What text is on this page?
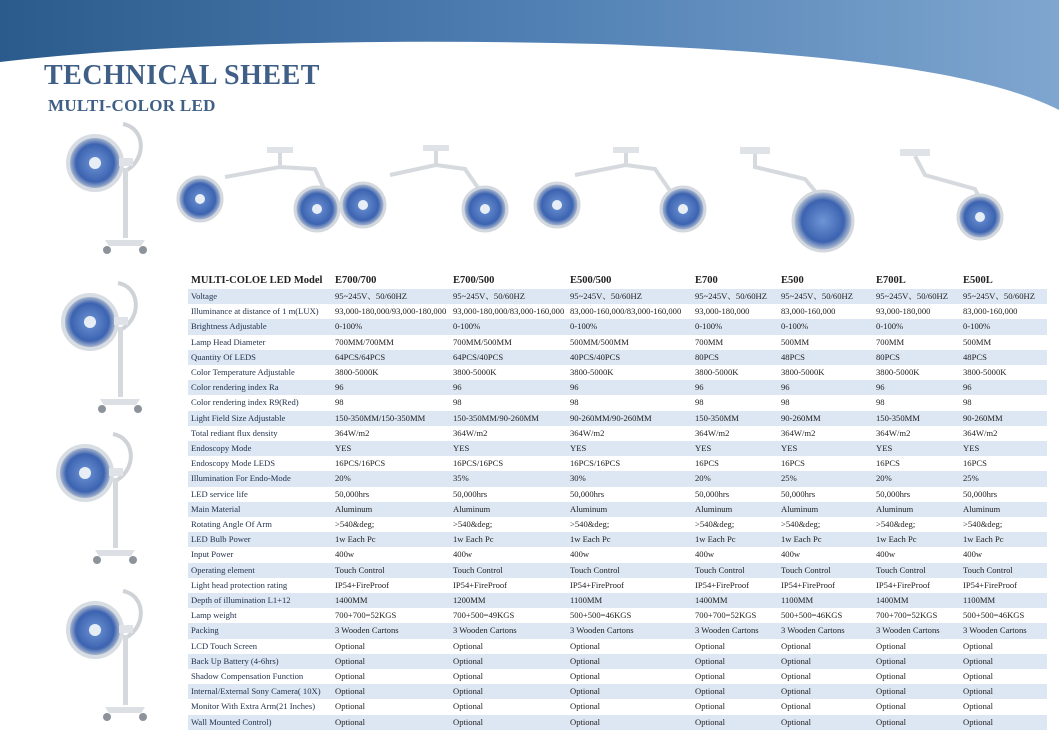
TECHNICAL SHEET
MULTI-COLOR LED
MULTI-COLOE LED Model	E700/700	E700/500	E500/500	E700	E500	E700L	E500L
Voltage	95~245V、50/60HZ	95~245V、50/60HZ	95~245V、50/60HZ	95~245V、50/60HZ	95~245V、50/60HZ	95~245V、50/60HZ	95~245V、50/60HZ
Illuminance at distance of 1 m(LUX)	93,000-180,000/93,000-180,000	93,000-180,000/83,000-160,000	83,000-160,000/83,000-160,000	93,000-180,000	83,000-160,000	93,000-180,000	83,000-160,000
Brightness Adjustable	0-100%	0-100%	0-100%	0-100%	0-100%	0-100%	0-100%
Lamp Head Diameter	700MM/700MM	700MM/500MM	500MM/500MM	700MM	500MM	700MM	500MM
Quantity Of LEDS	64PCS/64PCS	64PCS/40PCS	40PCS/40PCS	80PCS	48PCS	80PCS	48PCS
Color Temperature Adjustable	3800-5000K	3800-5000K	3800-5000K	3800-5000K	3800-5000K	3800-5000K	3800-5000K
Color rendering index Ra	96	96	96	96	96	96	96
Color rendering index R9(Red)	98	98	98	98	98	98	98
Light Field Size Adjustable	150-350MM/150-350MM	150-350MM/90-260MM	90-260MM/90-260MM	150-350MM	90-260MM	150-350MM	90-260MM
Total rediant flux density	364W/m2	364W/m2	364W/m2	364W/m2	364W/m2	364W/m2	364W/m2
Endoscopy Mode	YES	YES	YES	YES	YES	YES	YES
Endoscopy Mode LEDS	16PCS/16PCS	16PCS/16PCS	16PCS/16PCS	16PCS	16PCS	16PCS	16PCS
Illumination For Endo-Mode	20%	35%	30%	20%	25%	20%	25%
LED service life	50,000hrs	50,000hrs	50,000hrs	50,000hrs	50,000hrs	50,000hrs	50,000hrs
Main Material	Aluminum	Aluminum	Aluminum	Aluminum	Aluminum	Aluminum	Aluminum
Rotating Angle Of Arm	>540&deg;	>540&deg;	>540&deg;	>540&deg;	>540&deg;	>540&deg;	>540&deg;
LED Bulb Power	1w Each Pc	1w Each Pc	1w Each Pc	1w Each Pc	1w Each Pc	1w Each Pc	1w Each Pc
Input Power	400w	400w	400w	400w	400w	400w	400w
Operating element	Touch Control	Touch Control	Touch Control	Touch Control	Touch Control	Touch Control	Touch Control
Light head protection rating	IP54+FireProof	IP54+FireProof	IP54+FireProof	IP54+FireProof	IP54+FireProof	IP54+FireProof	IP54+FireProof
Depth of illumination L1+12	1400MM	1200MM	1100MM	1400MM	1100MM	1400MM	1100MM
Lamp weight	700+700=52KGS	700+500=49KGS	500+500=46KGS	700+700=52KGS	500+500=46KGS	700+700=52KGS	500+500=46KGS
Packing	3 Wooden Cartons	3 Wooden Cartons	3 Wooden Cartons	3 Wooden Cartons	3 Wooden Cartons	3 Wooden Cartons	3 Wooden Cartons
LCD Touch Screen	Optional	Optional	Optional	Optional	Optional	Optional	Optional
Back Up Battery (4-6hrs)	Optional	Optional	Optional	Optional	Optional	Optional	Optional
Shadow Compensation Function	Optional	Optional	Optional	Optional	Optional	Optional	Optional
Internal/External Sony Camera( 10X)	Optional	Optional	Optional	Optional	Optional	Optional	Optional
Monitor With Extra Arm(21 Inches)	Optional	Optional	Optional	Optional	Optional	Optional	Optional
Wall Mounted Control)	Optional	Optional	Optional	Optional	Optional	Optional	Optional
